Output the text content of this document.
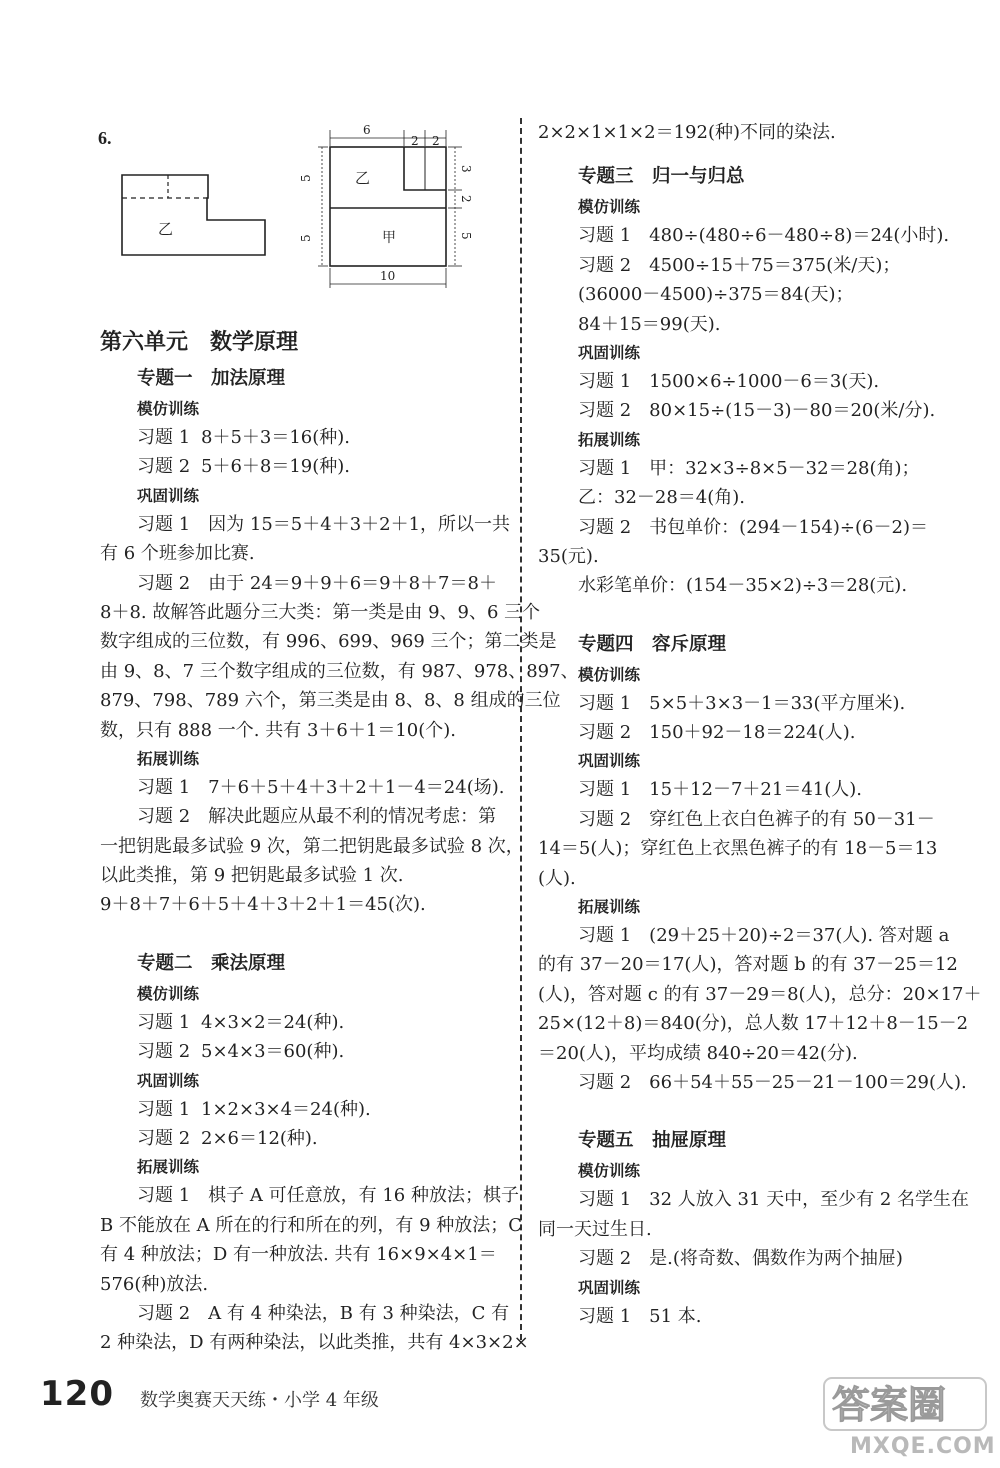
6.
乙
乙
甲
6
2 2
5
5
3
2
5
10
第六单元　数学原理
专题一　加法原理
模仿训练
习题 1 8＋5＋3＝16(种).
习题 2 5＋6＋8＝19(种).
巩固训练
习题 1　因为 15＝5＋4＋3＋2＋1，所以一共
有 6 个班参加比赛.
习题 2　由于 24＝9＋9＋6＝9＋8＋7＝8＋
8＋8. 故解答此题分三大类：第一类是由 9、9、6 三个
数字组成的三位数，有 996、699、969 三个；第二类是
由 9、8、7 三个数字组成的三位数，有 987、978、897、
879、798、789 六个，第三类是由 8、8、8 组成的三位
数，只有 888 一个. 共有 3＋6＋1＝10(个).
拓展训练
习题 1　7＋6＋5＋4＋3＋2＋1－4＝24(场).
习题 2　解决此题应从最不利的情况考虑：第
一把钥匙最多试验 9 次，第二把钥匙最多试验 8 次，
以此类推，第 9 把钥匙最多试验 1 次.
9＋8＋7＋6＋5＋4＋3＋2＋1＝45(次).
专题二　乘法原理
模仿训练
习题 1 4×3×2＝24(种).
习题 2 5×4×3＝60(种).
巩固训练
习题 1 1×2×3×4＝24(种).
习题 2 2×6＝12(种).
拓展训练
习题 1　棋子 A 可任意放，有 16 种放法；棋子
B 不能放在 A 所在的行和所在的列，有 9 种放法；C
有 4 种放法；D 有一种放法. 共有 16×9×4×1＝
576(种)放法.
习题 2　A 有 4 种染法，B 有 3 种染法，C 有
2 种染法，D 有两种染法，以此类推，共有 4×3×2×
2×2×1×1×2＝192(种)不同的染法.
专题三　归一与归总
模仿训练
习题 1　480÷(480÷6－480÷8)＝24(小时).
习题 2　4500÷15＋75＝375(米/天)；
(36000－4500)÷375＝84(天)；
84＋15＝99(天).
巩固训练
习题 1　1500×6÷1000－6＝3(天).
习题 2　80×15÷(15－3)－80＝20(米/分).
拓展训练
习题 1　甲：32×3÷8×5－32＝28(角)；
乙：32－28＝4(角).
习题 2　书包单价：(294－154)÷(6－2)＝
35(元).
水彩笔单价：(154－35×2)÷3＝28(元).
专题四　容斥原理
模仿训练
习题 1　5×5＋3×3－1＝33(平方厘米).
习题 2　150＋92－18＝224(人).
巩固训练
习题 1　15＋12－7＋21＝41(人).
习题 2　穿红色上衣白色裤子的有 50－31－
14＝5(人)；穿红色上衣黑色裤子的有 18－5＝13
(人).
拓展训练
习题 1　(29＋25＋20)÷2＝37(人). 答对题 a
的有 37－20＝17(人)，答对题 b 的有 37－25＝12
(人)，答对题 c 的有 37－29＝8(人)，总分：20×17＋
25×(12＋8)＝840(分)，总人数 17＋12＋8－15－2
＝20(人)，平均成绩 840÷20＝42(分).
习题 2　66＋54＋55－25－21－100＝29(人).
专题五　抽屉原理
模仿训练
习题 1　32 人放入 31 天中，至少有 2 名学生在
同一天过生日.
习题 2　是.(将奇数、偶数作为两个抽屉)
巩固训练
习题 1　51 本.
120 数学奥赛天天练・小学 4 年级	答案圈
MXQE.COM
